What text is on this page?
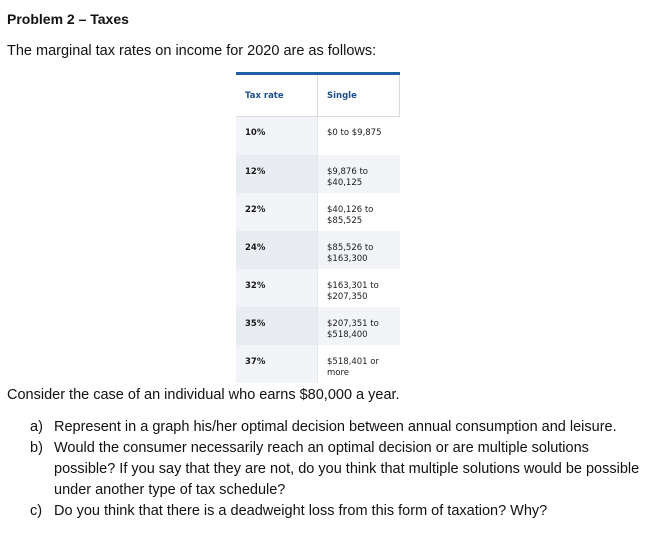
Problem 2 – Taxes
The marginal tax rates on income for 2020 are as follows:
Tax rate	Single
10%	$0 to $9,875

12%	$9,876 to $40,125

22%	$40,126 to $85,525

24%	$85,526 to $163,300

32%	$163,301 to $207,350

35%	$207,351 to $518,400

37%	$518,401 or more
Consider the case of an individual who earns $80,000 a year.
a) Represent in a graph his/her optimal decision between annual consumption and leisure.
b) Would the consumer necessarily reach an optimal decision or are multiple solutions possible? If you say that they are not, do you think that multiple solutions would be possible under another type of tax schedule?
c) Do you think that there is a deadweight loss from this form of taxation? Why?
